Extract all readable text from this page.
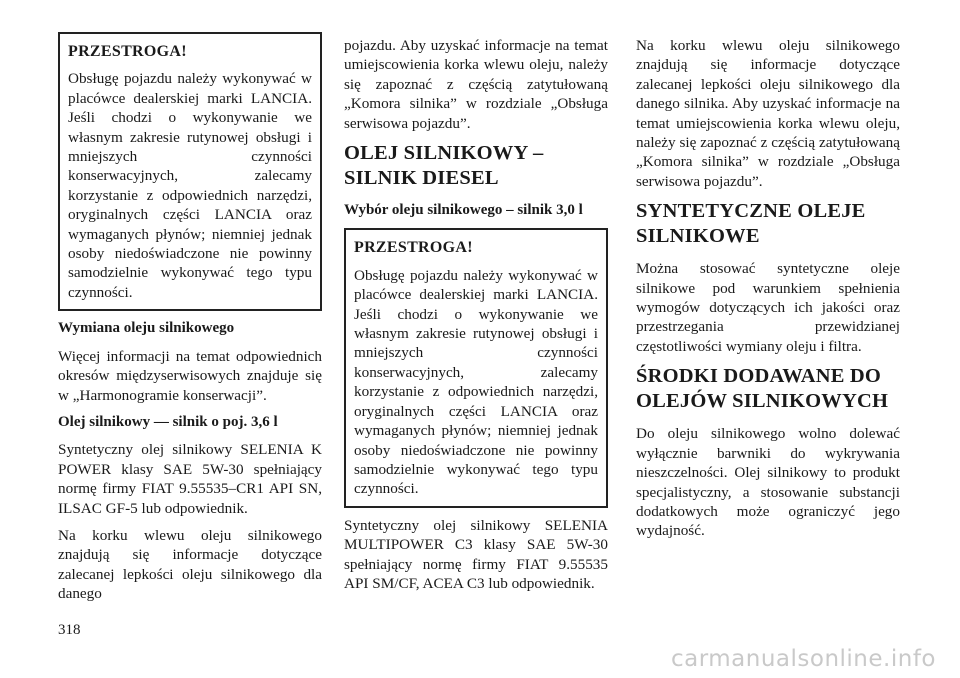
PRZESTROGA!

Obsługę pojazdu należy wykonywać w placówce dealerskiej marki LANCIA. Jeśli chodzi o wykonywanie we własnym zakresie rutynowej obsługi i mniejszych czynności konserwacyjnych, zalecamy korzystanie z odpowiednich narzędzi, oryginalnych części LANCIA oraz wymaganych płynów; niemniej jednak osoby niedoświadczone nie powinny samodzielnie wykonywać tego typu czynności.

Wymiana oleju silnikowego

Więcej informacji na temat odpowiednich okresów międzyserwisowych znajduje się w „Harmonogramie konserwacji”.

Olej silnikowy — silnik o poj. 3,6 l

Syntetyczny olej silnikowy SELENIA K POWER klasy SAE 5W-30 spełniający normę firmy FIAT 9.55535–CR1 API SN, ILSAC GF-5 lub odpowiednik.

Na korku wlewu oleju silnikowego znajdują się informacje dotyczące zalecanej lepkości oleju silnikowego dla danego

pojazdu. Aby uzyskać informacje na temat umiejscowienia korka wlewu oleju, należy się zapoznać z częścią zatytułowaną „Komora silnika” w rozdziale „Obsługa serwisowa pojazdu”.

OLEJ SILNIKOWY – SILNIK DIESEL
Wybór oleju silnikowego – silnik 3,0 l
PRZESTROGA!

Obsługę pojazdu należy wykonywać w placówce dealerskiej marki LANCIA. Jeśli chodzi o wykonywanie we własnym zakresie rutynowej obsługi i mniejszych czynności konserwacyjnych, zalecamy korzystanie z odpowiednich narzędzi, oryginalnych części LANCIA oraz wymaganych płynów; niemniej jednak osoby niedoświadczone nie powinny samodzielnie wykonywać tego typu czynności.

Syntetyczny olej silnikowy SELENIA MULTIPOWER C3 klasy SAE 5W-30 spełniający normę firmy FIAT 9.55535 API SM/CF, ACEA C3 lub odpowiednik.

Na korku wlewu oleju silnikowego znajdują się informacje dotyczące zalecanej lepkości oleju silnikowego dla danego silnika. Aby uzyskać informacje na temat umiejscowienia korka wlewu oleju, należy się zapoznać z częścią zatytułowaną „Komora silnika” w rozdziale „Obsługa serwisowa pojazdu”.

SYNTETYCZNE OLEJE SILNIKOWE

Można stosować syntetyczne oleje silnikowe pod warunkiem spełnienia wymogów dotyczących ich jakości oraz przestrzegania przewidzianej częstotliwości wymiany oleju i filtra.

ŚRODKI DODAWANE DO OLEJÓW SILNIKOWYCH

Do oleju silnikowego wolno dolewać wyłącznie barwniki do wykrywania nieszczelności. Olej silnikowy to produkt specjalistyczny, a stosowanie substancji dodatkowych może ograniczyć jego wydajność.

318
carmanualsonline.info
